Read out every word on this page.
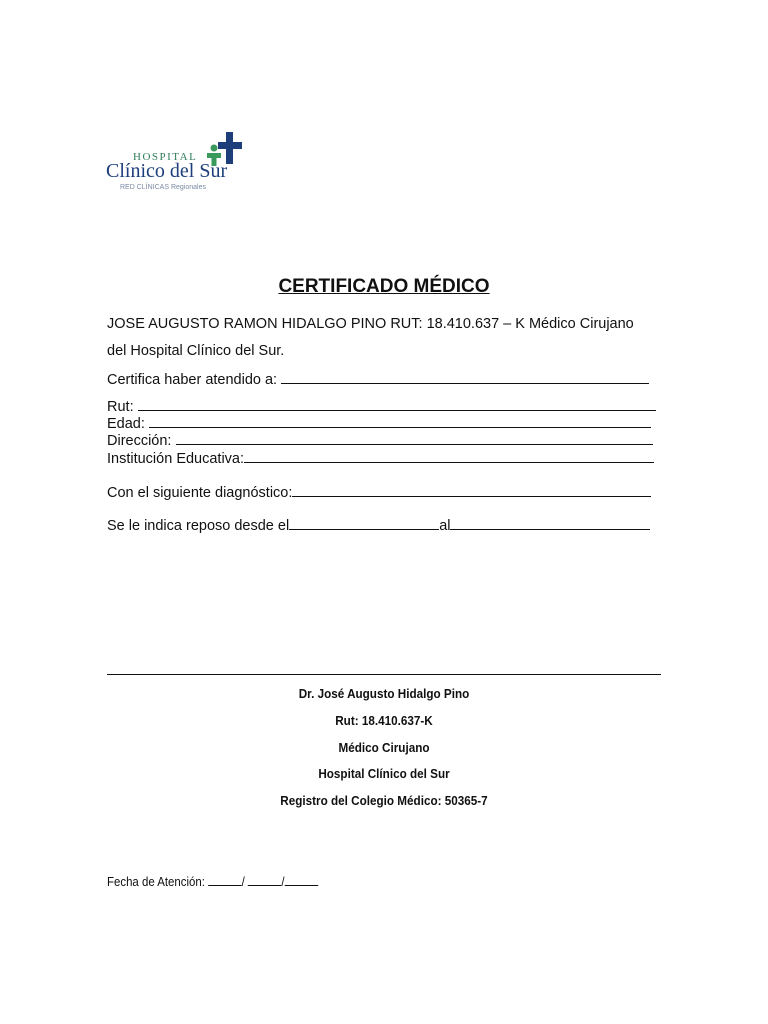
HOSPITAL
Clínico del Sur
RED CLÍNICAS Regionales
CERTIFICADO MÉDICO
JOSE AUGUSTO RAMON HIDALGO PINO RUT: 18.410.637 – K Médico Cirujano
del Hospital Clínico del Sur.
Certifica haber atendido a:
Rut:
Edad:
Dirección:
Institución Educativa:
Con el siguiente diagnóstico:
Se le indica reposo desde el	al
Dr. José Augusto Hidalgo Pino
Rut: 18.410.637-K
Médico Cirujano
Hospital Clínico del Sur
Registro del Colegio Médico: 50365-7
Fecha de Atención:	/	/
